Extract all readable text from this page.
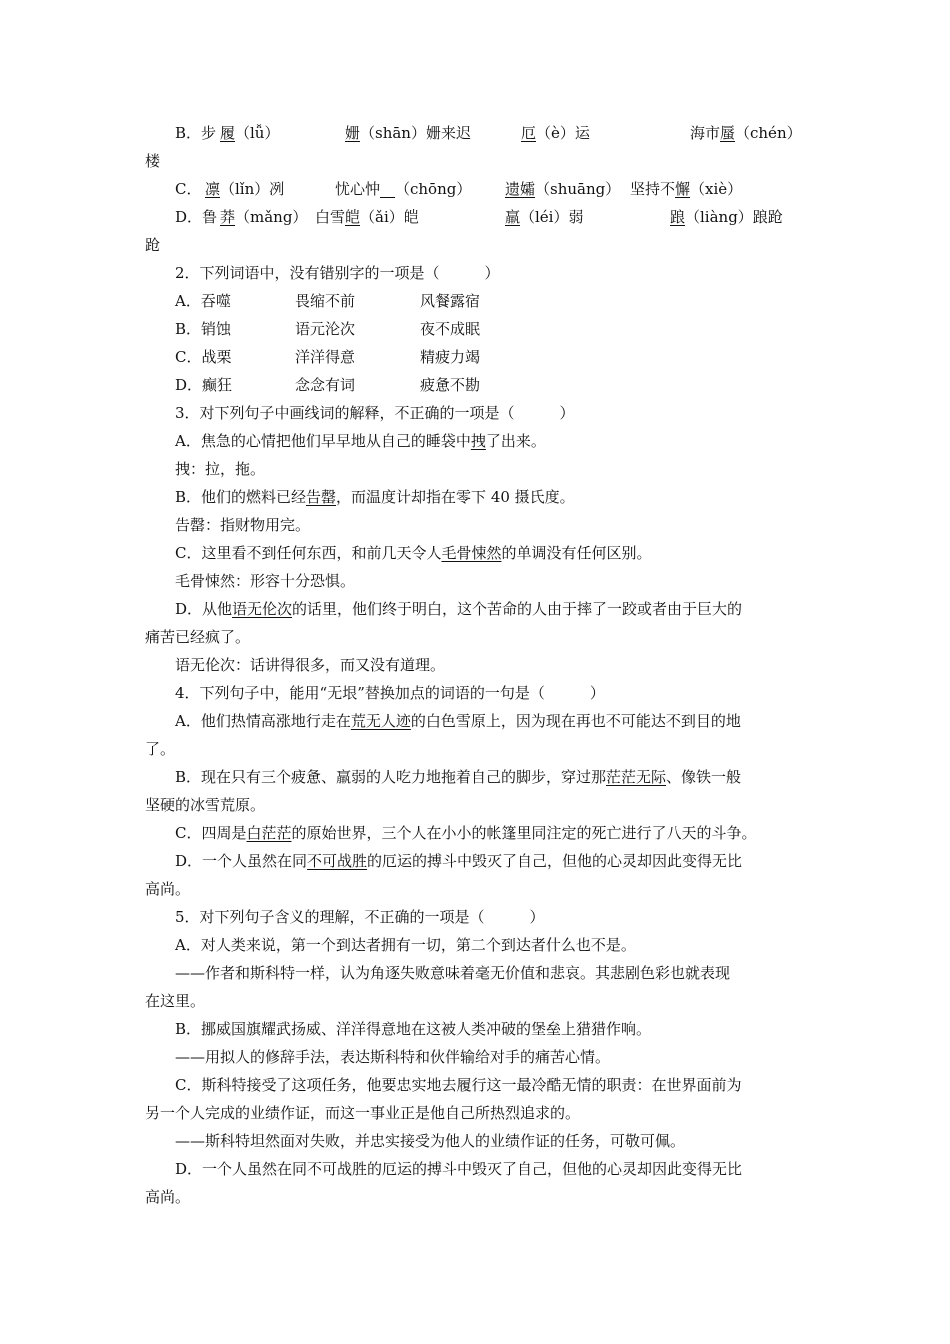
B．步 履 （lǚ）	姗 （shān）姗来迟	厄 （è）运	海市 蜃 （chén）
楼
C． 凛 （lǐn）冽	忧心忡 （chōng） 遗孀 （shuāng） 坚持不 懈 （xiè）
D．鲁 莽 （mǎng） 白雪 皑 （ǎi）皑	羸 （léi）弱	踉 （liàng）踉跄
跄
2．下列词语中，没有错别字的一项是（　　　）
A．吞噬	畏缩不前	风餐露宿
B．销蚀	语元沦次	夜不成眠
C．战栗	洋洋得意	精疲力竭
D．癫狂	念念有词	疲惫不勘
3．对下列句子中画线词的解释，不正确的一项是（　　　）
A．焦急的心情把他们早早地从自己的睡袋中拽了出来。
拽：拉，拖。
B．他们的燃料已经告罄，而温度计却指在零下 40 摄氏度。
告罄：指财物用完。
C．这里看不到任何东西，和前几天令人毛骨悚然的单调没有任何区别。
毛骨悚然：形容十分恐惧。
D．从他语无伦次的话里，他们终于明白，这个苦命的人由于摔了一跤或者由于巨大的
痛苦已经疯了。
语无伦次：话讲得很多，而又没有道理。
4．下列句子中，能用“无垠”替换加点的词语的一句是（　　　）
A．他们热情高涨地行走在荒无人迹的白色雪原上，因为现在再也不可能达不到目的地
了。
B．现在只有三个疲惫、羸弱的人吃力地拖着自己的脚步，穿过那茫茫无际、像铁一般
坚硬的冰雪荒原。
C．四周是白茫茫的原始世界，三个人在小小的帐篷里同注定的死亡进行了八天的斗争。
D．一个人虽然在同不可战胜的厄运的搏斗中毁灭了自己，但他的心灵却因此变得无比
高尚。
5．对下列句子含义的理解，不正确的一项是（　　　）
A．对人类来说，第一个到达者拥有一切，第二个到达者什么也不是。
——作者和斯科特一样，认为角逐失败意味着毫无价值和悲哀。其悲剧色彩也就表现
在这里。
B．挪威国旗耀武扬威、洋洋得意地在这被人类冲破的堡垒上猎猎作响。
——用拟人的修辞手法，表达斯科特和伙伴输给对手的痛苦心情。
C．斯科特接受了这项任务，他要忠实地去履行这一最冷酷无情的职责：在世界面前为
另一个人完成的业绩作证，而这一事业正是他自己所热烈追求的。
——斯科特坦然面对失败，并忠实接受为他人的业绩作证的任务，可敬可佩。
D．一个人虽然在同不可战胜的厄运的搏斗中毁灭了自己，但他的心灵却因此变得无比
高尚。
